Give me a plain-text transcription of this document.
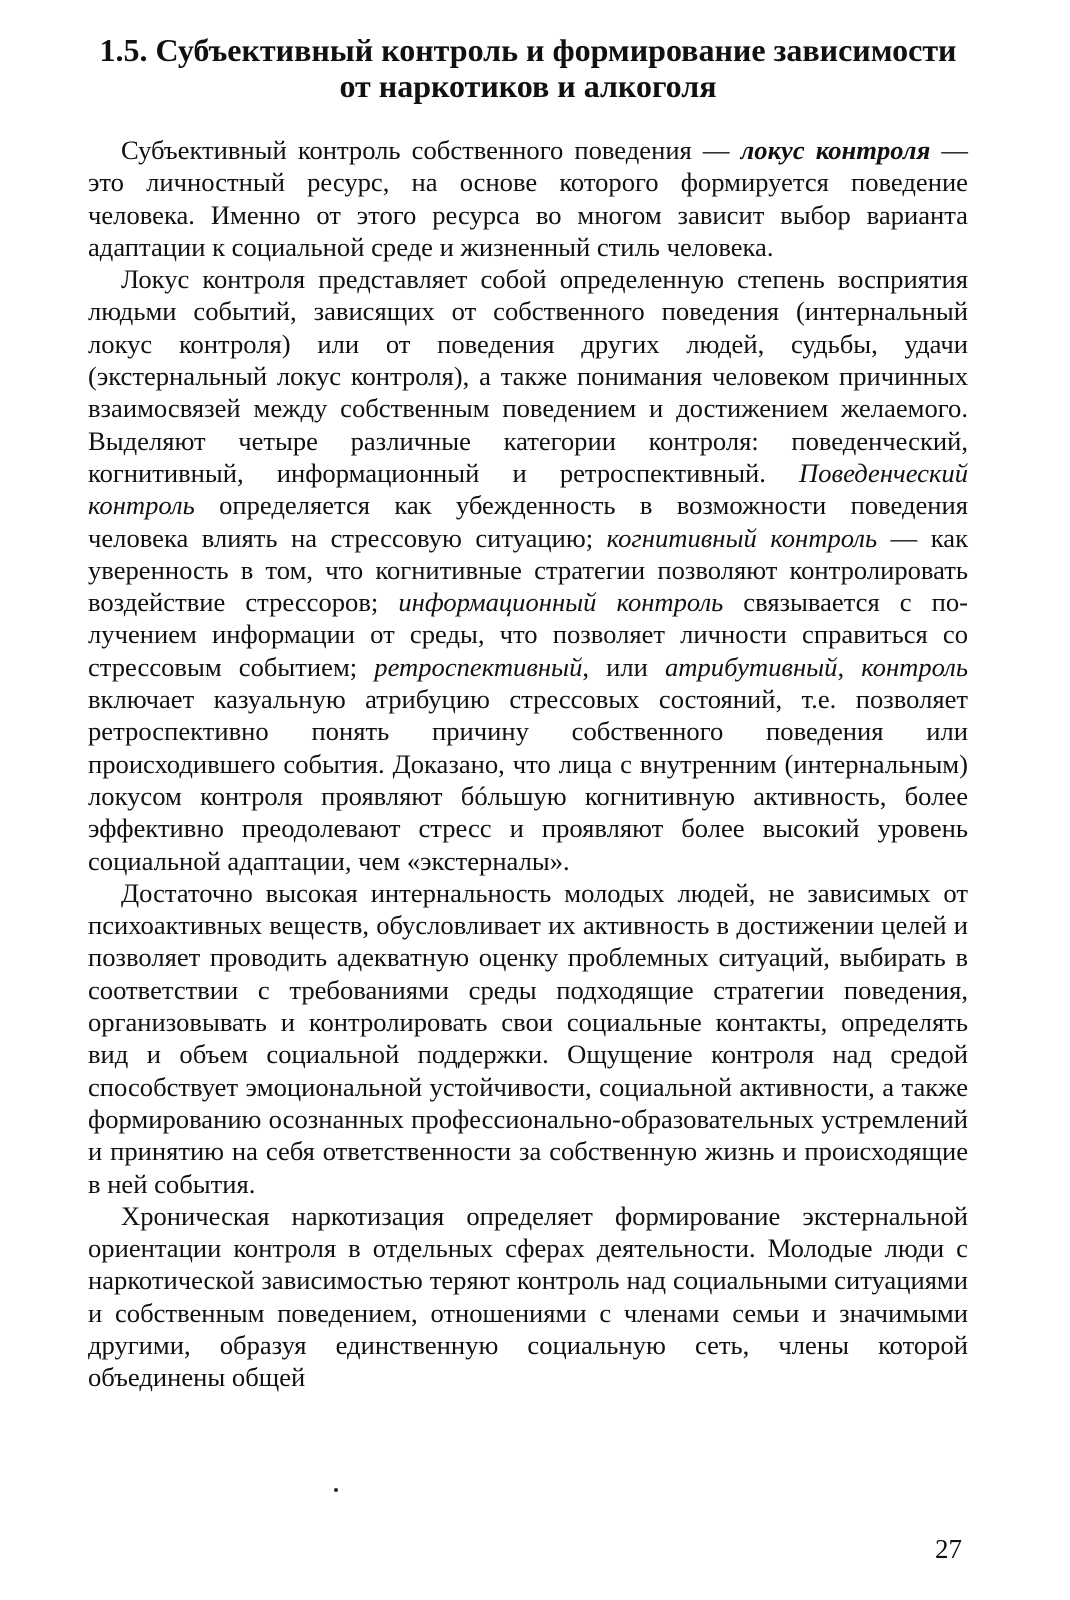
1.5. Субъективный контроль и формирование зависимости
от наркотиков и алкоголя

Субъективный контроль собственного поведения — локус контроля — это личностный ресурс, на основе которого формируется поведение человека. Именно от этого ресурса во многом зависит выбор варианта адаптации к социальной среде и жизненный стиль человека.

Локус контроля представляет собой определенную степень восприятия людьми событий, зависящих от собственного поведения (интернальный локус контроля) или от поведения других людей, судьбы, удачи (экстернальный локус контроля), а также понимания человеком причинных взаимосвязей между собственным поведением и достижением желаемого. Выделяют четыре различные категории контроля: поведенческий, когнитивный, информационный и ретроспективный. Поведенческий контроль определяется как убежденность в возможности поведения человека влиять на стрессовую ситуацию; когнитивный контроль — как уверенность в том, что когнитивные стратегии позволяют контролировать воздействие стрессоров; информационный контроль связывается с получением информации от среды, что позволяет личности справиться со стрессовым событием; ретроспективный, или атрибутивный, контроль включает казуальную атрибуцию стрессовых состояний, т.е. позволяет ретроспективно понять причину собственного поведения или происходившего события. Доказано, что лица с внутренним (интернальным) локусом контроля проявляют бóльшую когнитивную активность, более эффективно преодолевают стресс и проявляют более высокий уровень социальной адаптации, чем «экстерналы».

Достаточно высокая интернальность молодых людей, не зависимых от психоактивных веществ, обусловливает их активность в достижении целей и позволяет проводить адекватную оценку проблемных ситуаций, выбирать в соответствии с требованиями среды подходящие стратегии поведения, организовывать и контролировать свои социальные контакты, определять вид и объем социальной поддержки. Ощущение контроля над средой способствует эмоциональной устойчивости, социальной активности, а также формированию осознанных профессионально-образовательных устремлений и принятию на себя ответственности за собственную жизнь и происходящие в ней события.

Хроническая наркотизация определяет формирование экстернальной ориентации контроля в отдельных сферах деятельности. Молодые люди с наркотической зависимостью теряют контроль над социальными ситуациями и собственным поведением, отношениями с членами семьи и значимыми другими, образуя единственную социальную сеть, члены которой объединены общей

27
